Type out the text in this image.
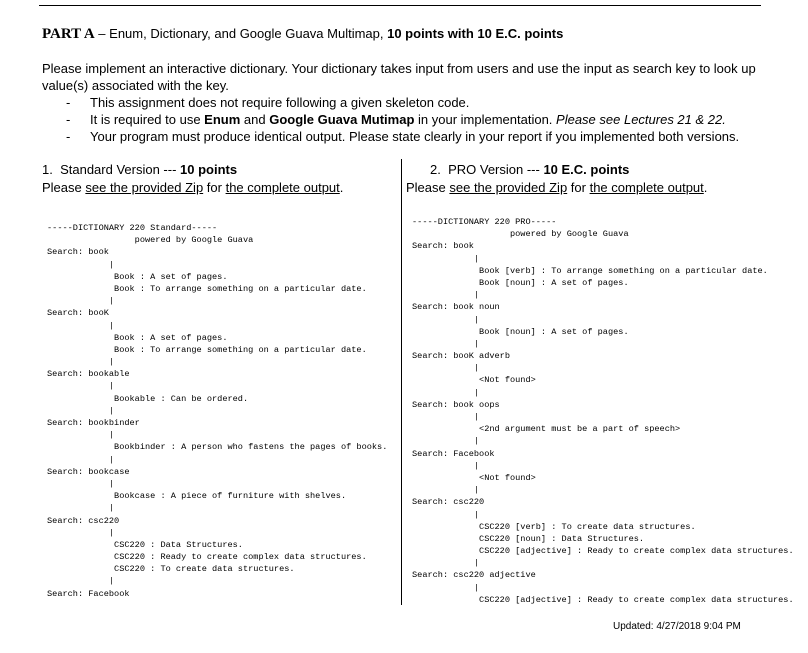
PART A – Enum, Dictionary, and Google Guava Multimap, 10 points with 10 E.C. points
Please implement an interactive dictionary. Your dictionary takes input from users and use the input as search key to look up value(s) associated with the key.
- This assignment does not require following a given skeleton code.
- It is required to use Enum and Google Guava Mutimap in your implementation. Please see Lectures 21 & 22.
- Your program must produce identical output. Please state clearly in your report if you implemented both versions.
1. Standard Version --- 10 points
Please see the provided Zip for the complete output.
-----DICTIONARY 220 Standard-----
powered by Google Guava
Search: book
|
Book : A set of pages.
Book : To arrange something on a particular date.
|
Search: booK
|
Book : A set of pages.
Book : To arrange something on a particular date.
|
Search: bookable
|
Bookable : Can be ordered.
|
Search: bookbinder
|
Bookbinder : A person who fastens the pages of books.
|
Search: bookcase
|
Bookcase : A piece of furniture with shelves.
|
Search: csc220
|
CSC220 : Data Structures.
CSC220 : Ready to create complex data structures.
CSC220 : To create data structures.
|
Search: Facebook
2. PRO Version --- 10 E.C. points
Please see the provided Zip for the complete output.
-----DICTIONARY 220 PRO-----
powered by Google Guava
Search: book
|
Book [verb] : To arrange something on a particular date.
Book [noun] : A set of pages.
|
Search: book noun
|
Book [noun] : A set of pages.
|
Search: booK adverb
|
<Not found>
|
Search: book oops
|
<2nd argument must be a part of speech>
|
Search: Facebook
|
<Not found>
|
Search: csc220
|
CSC220 [verb] : To create data structures.
CSC220 [noun] : Data Structures.
CSC220 [adjective] : Ready to create complex data structures.
|
Search: csc220 adjective
|
CSC220 [adjective] : Ready to create complex data structures.
Updated: 4/27/2018 9:04 PM
